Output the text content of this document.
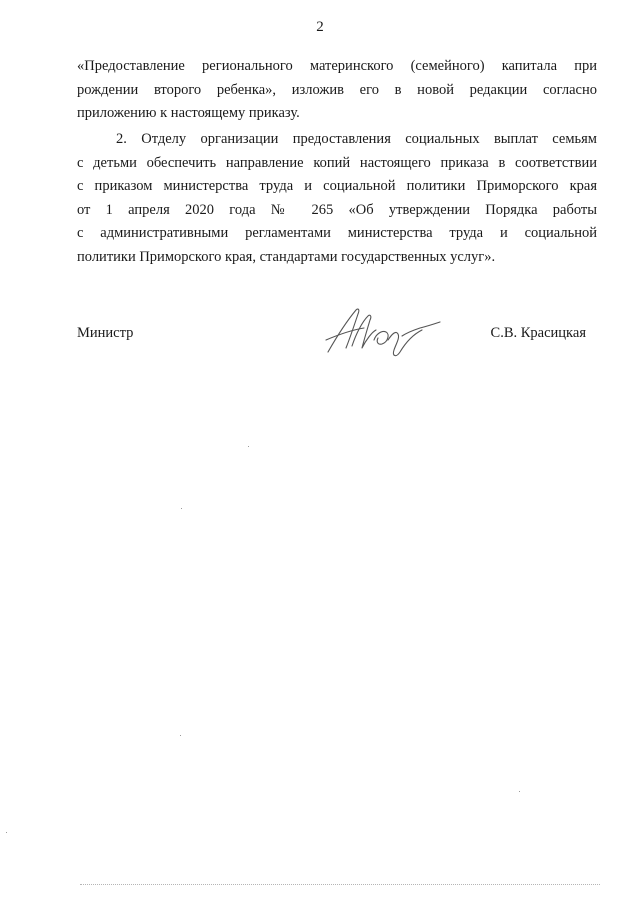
2
«Предоставление регионального материнского (семейного) капитала при
рождении второго ребенка», изложив его в новой редакции согласно
приложению к настоящему приказу.
2. Отделу организации предоставления социальных выплат семьям
с детьми обеспечить направление копий настоящего приказа в соответствии
с приказом министерства труда и социальной политики Приморского края
от 1 апреля 2020 года № 265 «Об утверждении Порядка работы
с административными регламентами министерства труда и социальной
политики Приморского края, стандартами государственных услуг».
Министр	С.В. Красицкая
